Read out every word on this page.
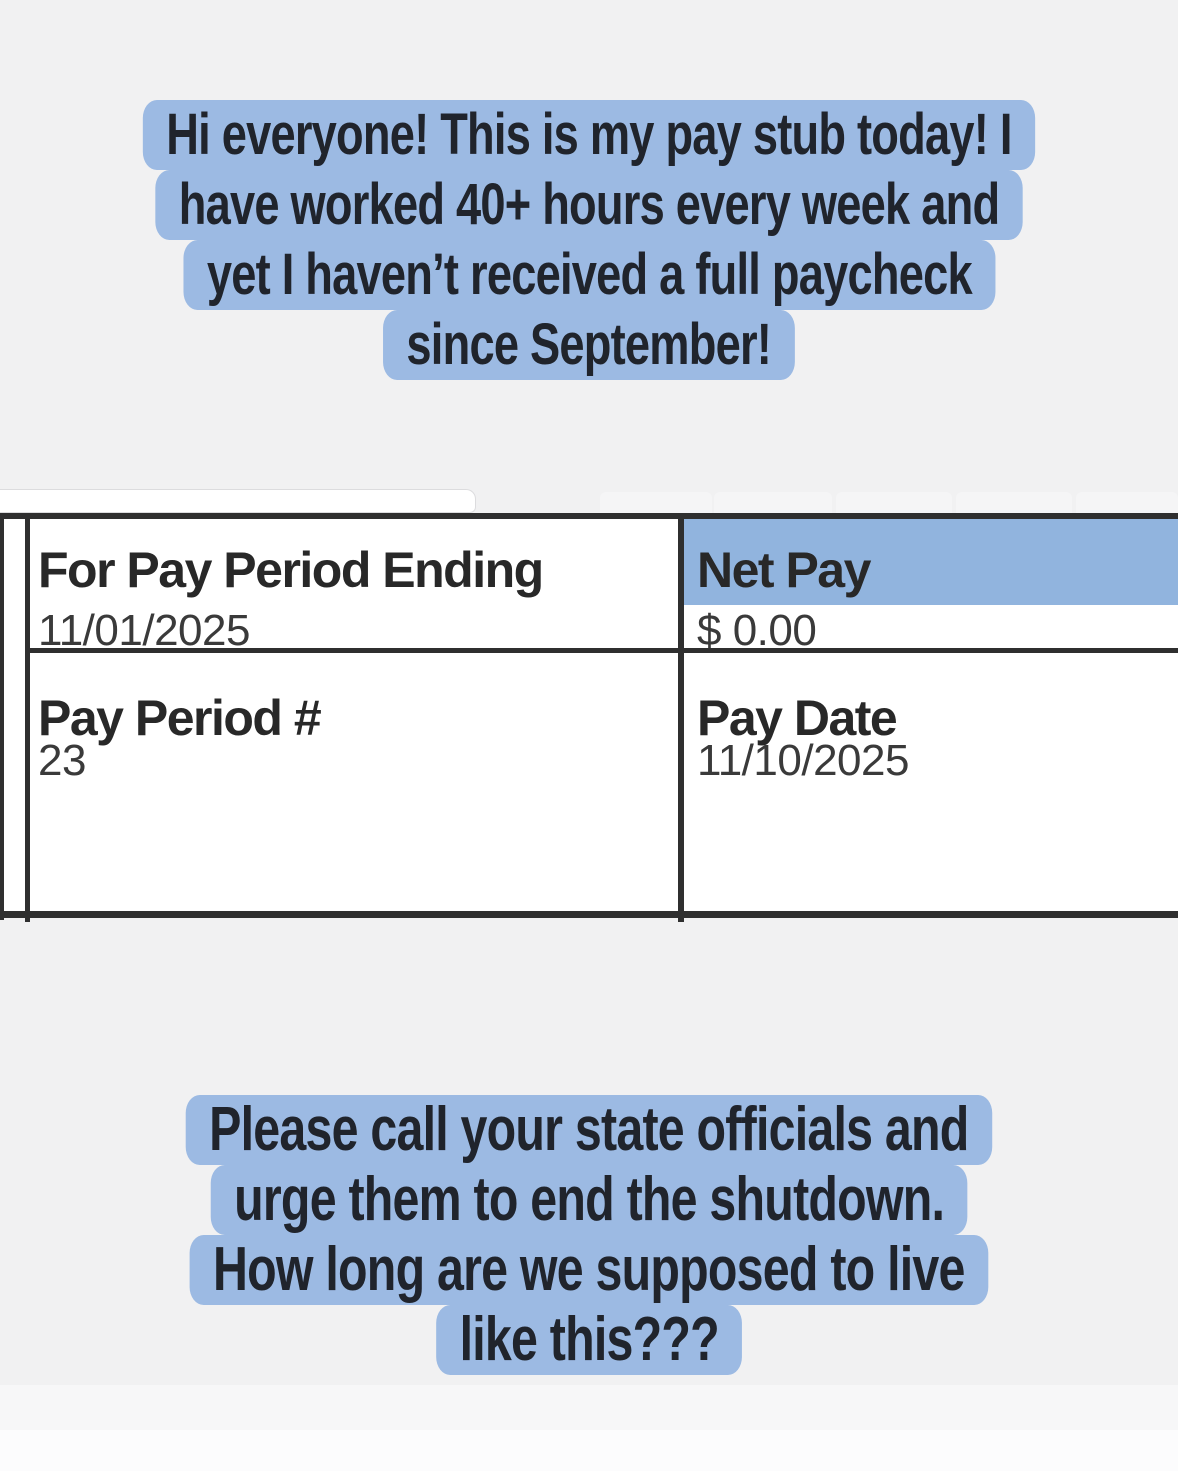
Hi everyone! This is my pay stub today! I
have worked 40+ hours every week and
yet I haven’t received a full paycheck
since September!
For Pay Period Ending
11/01/2025
Net Pay
$ 0.00
Pay Period #
23
Pay Date
11/10/2025
Please call your state officials and
urge them to end the shutdown.
How long are we supposed to live
like this???
